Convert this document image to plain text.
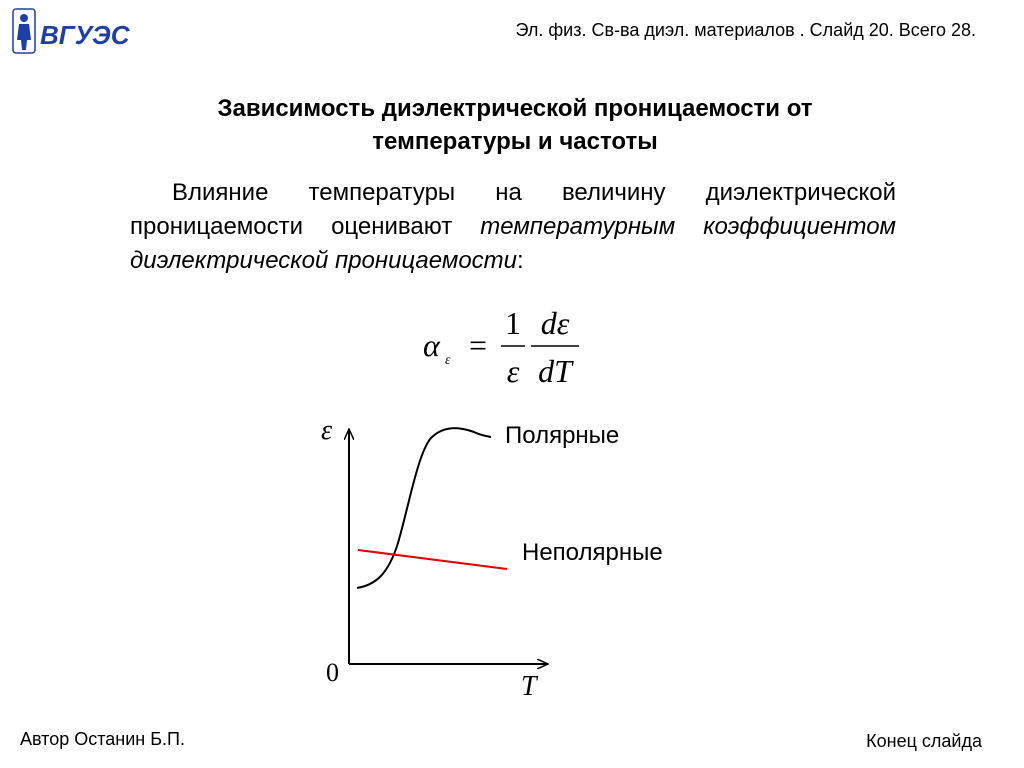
ВГУЭС	Эл. физ. Св-ва диэл. материалов . Слайд 20. Всего 28.
Зависимость диэлектрической проницаемости от
температуры и частоты

Влияние температуры на величину диэлектрической проницаемости оценивают температурным коэффициентом диэлектрической проницаемости:

α ε =
1
ε
dε
dT
ε
T
0
Полярные
Неполярные
Автор Останин Б.П.	Конец слайда
